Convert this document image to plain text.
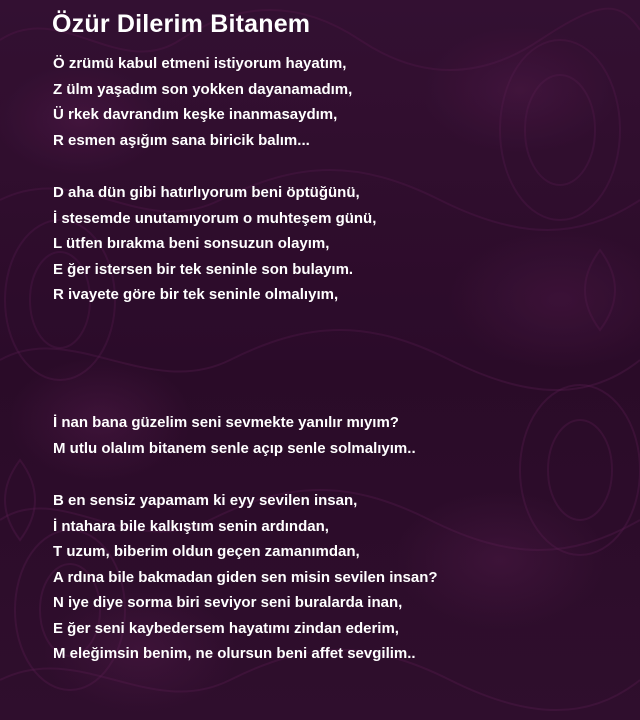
Özür Dilerim Bitanem
Ö zrümü kabul etmeni istiyorum hayatım,
Z ülm yaşadım son yokken dayanamadım,
Ü rkek davrandım keşke inanmasaydım,
R esmen aşığım sana biricik balım...
D aha dün gibi hatırlıyorum beni öptüğünü,
İ stesemde unutamıyorum o muhteşem günü,
L ütfen bırakma beni sonsuzun olayım,
E ğer istersen bir tek seninle son bulayım.
R ivayete göre bir tek seninle olmalıyım,
İ nan bana güzelim seni sevmekte yanılır mıyım?
M utlu olalım bitanem senle açıp senle solmalıyım..
B en sensiz yapamam ki eyy sevilen insan,
İ ntahara bile kalkıştım senin ardından,
T uzum, biberim oldun geçen zamanımdan,
A rdına bile bakmadan giden sen misin sevilen insan?
N iye diye sorma biri seviyor seni buralarda inan,
E ğer seni kaybedersem hayatımı zindan ederim,
M eleğimsin benim, ne olursun beni affet sevgilim..
